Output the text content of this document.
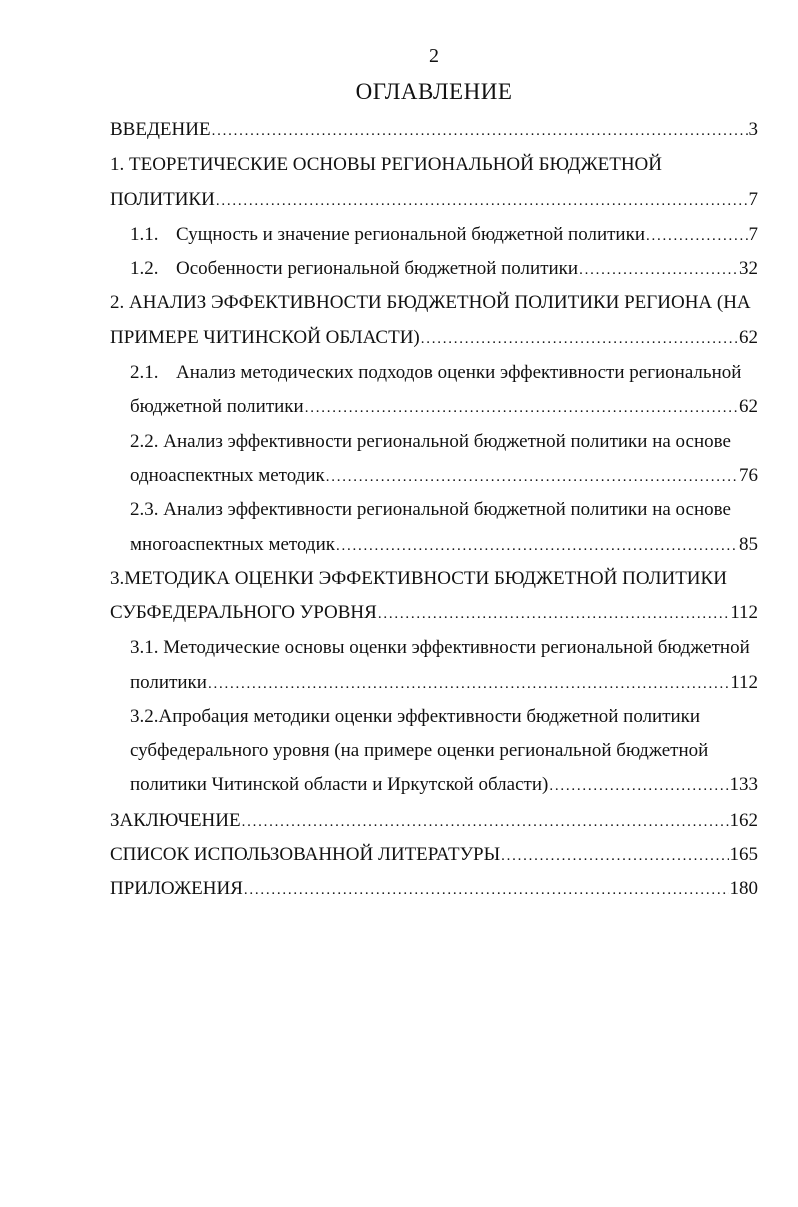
2
ОГЛАВЛЕНИЕ
ВВЕДЕНИЕ . . .	3
1. ТЕОРЕТИЧЕСКИЕ ОСНОВЫ РЕГИОНАЛЬНОЙ БЮДЖЕТНОЙ
ПОЛИТИКИ . . .	7
1.1. Сущность и значение региональной бюджетной политики . . .	7
1.2. Особенности региональной бюджетной политики . . .	32
2. АНАЛИЗ ЭФФЕКТИВНОСТИ БЮДЖЕТНОЙ ПОЛИТИКИ РЕГИОНА (НА
ПРИМЕРЕ ЧИТИНСКОЙ ОБЛАСТИ) . . .	62
2.1. Анализ методических подходов оценки эффективности региональной
бюджетной политики . . .	62
2.2. Анализ эффективности региональной бюджетной политики на основе
одноаспектных методик . . .	76
2.3. Анализ эффективности региональной бюджетной политики на основе
многоаспектных методик . . .	85
3.МЕТОДИКА ОЦЕНКИ ЭФФЕКТИВНОСТИ БЮДЖЕТНОЙ ПОЛИТИКИ
СУБФЕДЕРАЛЬНОГО УРОВНЯ . . .	112
3.1. Методические основы оценки эффективности региональной бюджетной
политики . . .	112
3.2.Апробация методики оценки эффективности бюджетной политики
субфедерального уровня (на примере оценки региональной бюджетной
политики Читинской области и Иркутской области) . . .	133
ЗАКЛЮЧЕНИЕ . . .	162
СПИСОК ИСПОЛЬЗОВАННОЙ ЛИТЕРАТУРЫ . . .	165
ПРИЛОЖЕНИЯ . . .	180
